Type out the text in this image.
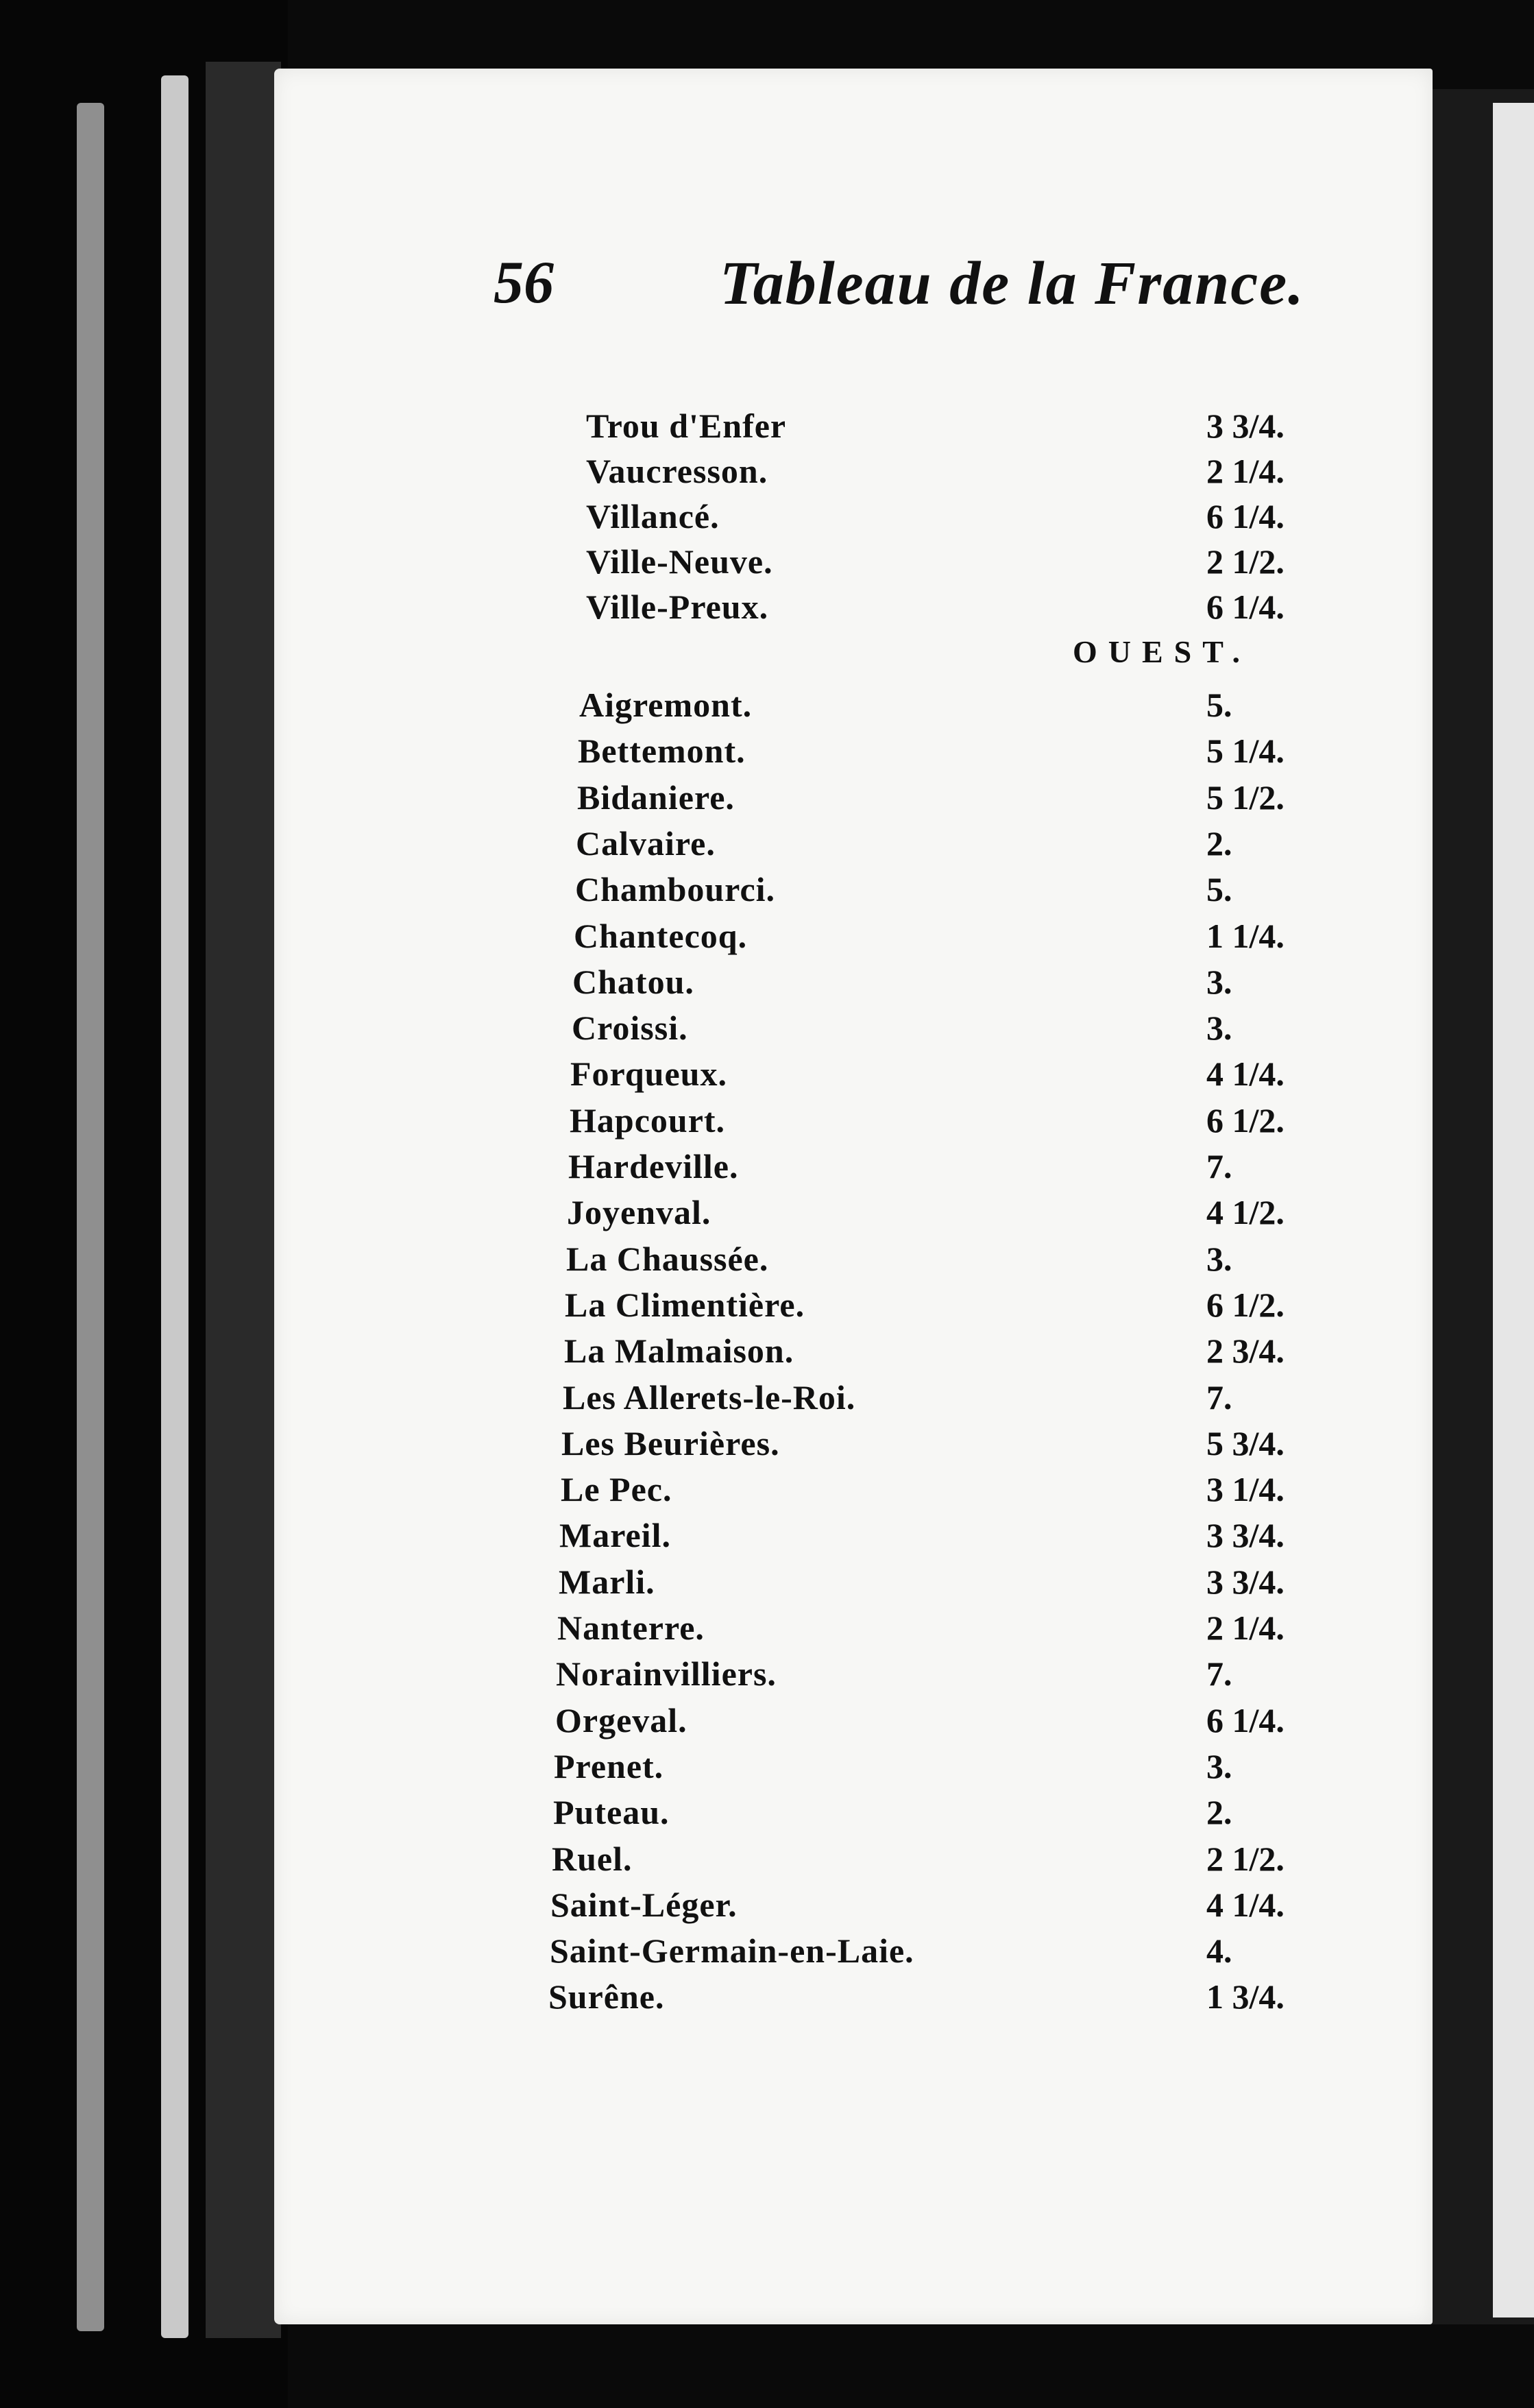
56	Tableau de la France.
OUEST.
Trou d'Enfer	3 3/4.
Vaucresson.	2 1/4.
Villancé.	6 1/4.
Ville-Neuve.	2 1/2.
Ville-Preux.	6 1/4.
Aigremont.	5.
Bettemont.	5 1/4.
Bidaniere.	5 1/2.
Calvaire.	2.
Chambourci.	5.
Chantecoq.	1 1/4.
Chatou.	3.
Croissi.	3.
Forqueux.	4 1/4.
Hapcourt.	6 1/2.
Hardeville.	7.
Joyenval.	4 1/2.
La Chaussée.	3.
La Climentière.	6 1/2.
La Malmaison.	2 3/4.
Les Allerets-le-Roi.	7.
Les Beurières.	5 3/4.
Le Pec.	3 1/4.
Mareil.	3 3/4.
Marli.	3 3/4.
Nanterre.	2 1/4.
Norainvilliers.	7.
Orgeval.	6 1/4.
Prenet.	3.
Puteau.	2.
Ruel.	2 1/2.
Saint-Léger.	4 1/4.
Saint-Germain-en-Laie.	4.
Surêne.	1 3/4.
